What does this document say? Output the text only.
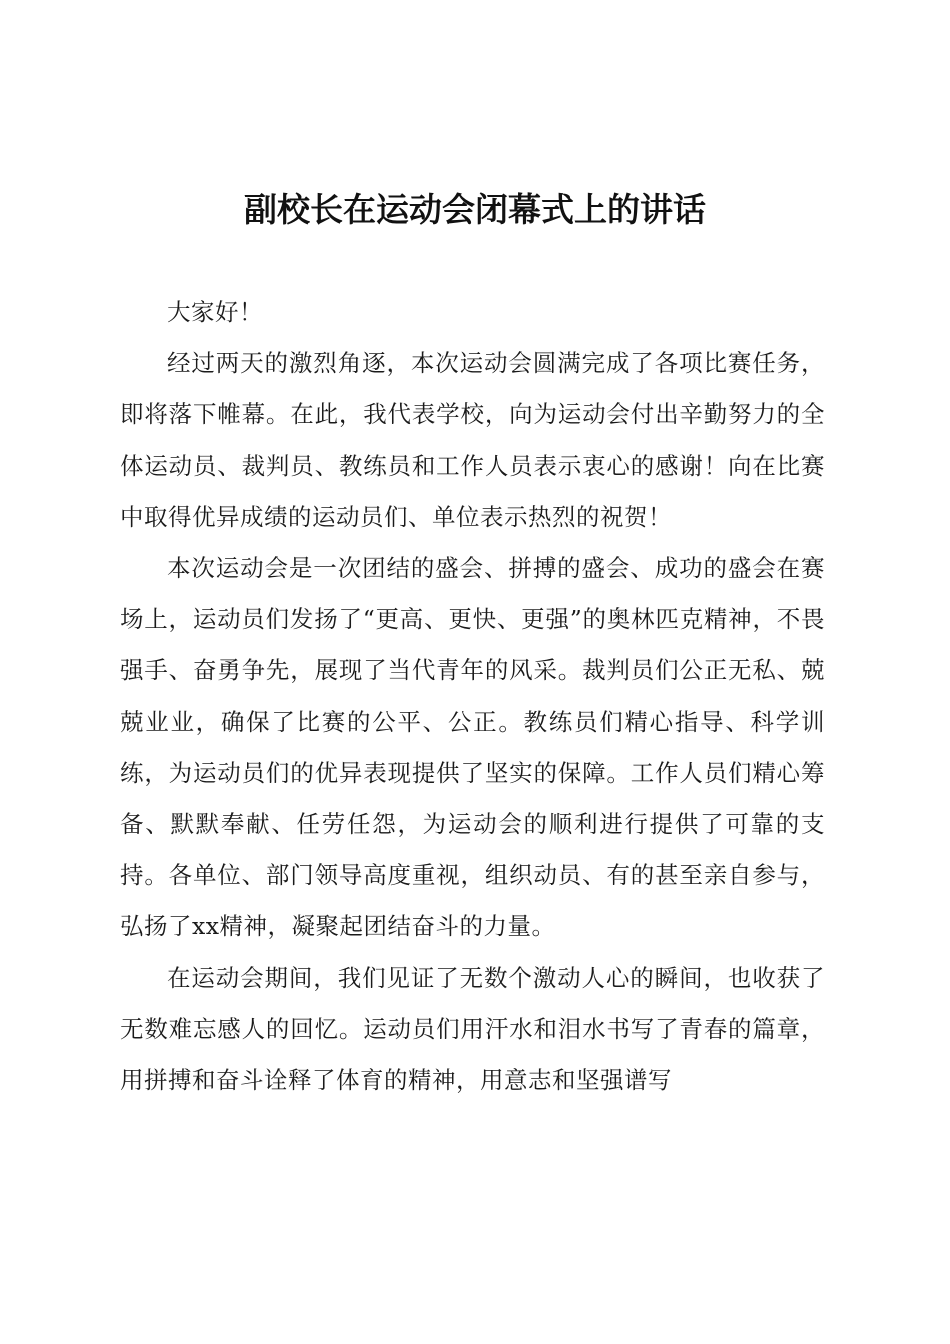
副校长在运动会闭幕式上的讲话

大家好！

经过两天的激烈角逐，本次运动会圆满完成了各项比赛任务，即将落下帷幕。在此，我代表学校，向为运动会付出辛勤努力的全体运动员、裁判员、教练员和工作人员表示衷心的感谢！向在比赛中取得优异成绩的运动员们、单位表示热烈的祝贺！

本次运动会是一次团结的盛会、拼搏的盛会、成功的盛会在赛场上，运动员们发扬了“更高、更快、更强”的奥林匹克精神，不畏强手、奋勇争先，展现了当代青年的风采。裁判员们公正无私、兢兢业业，确保了比赛的公平、公正。教练员们精心指导、科学训练，为运动员们的优异表现提供了坚实的保障。工作人员们精心筹备、默默奉献、任劳任怨，为运动会的顺利进行提供了可靠的支持。各单位、部门领导高度重视，组织动员、有的甚至亲自参与，弘扬了xx精神，凝聚起团结奋斗的力量。

在运动会期间，我们见证了无数个激动人心的瞬间，也收获了无数难忘感人的回忆。运动员们用汗水和泪水书写了青春的篇章，用拼搏和奋斗诠释了体育的精神，用意志和坚强谱写
